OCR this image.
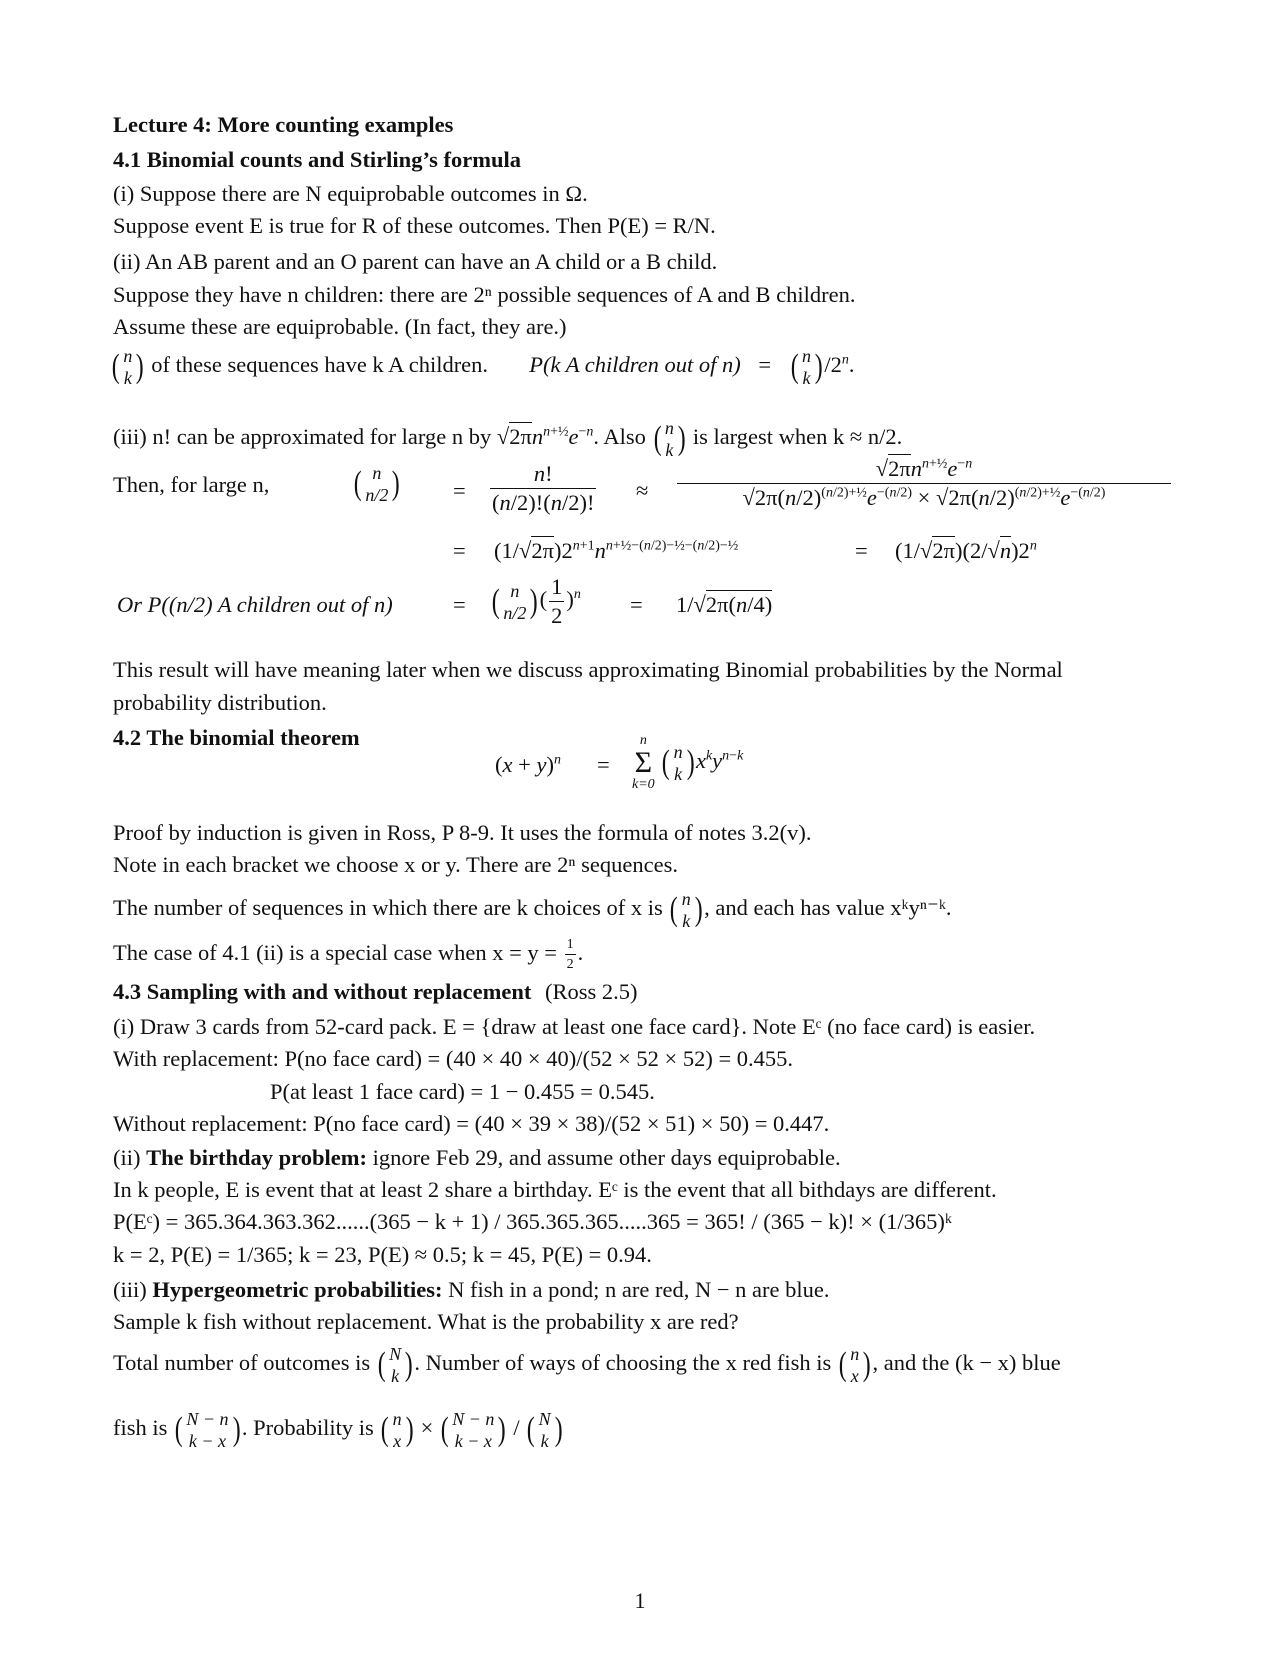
Lecture 4: More counting examples
4.1 Binomial counts and Stirling’s formula
(i) Suppose there are N equiprobable outcomes in Ω.
Suppose event E is true for R of these outcomes. Then P(E) = R/N.
(ii) An AB parent and an O parent can have an A child or a B child.
Suppose they have n children: there are 2ⁿ possible sequences of A and B children.
Assume these are equiprobable. (In fact, they are.)
( n
k ) of these sequences have k A children. P(k A children out of n) = ( n
k ) /2$^n$.
(iii) n! can be approximated for large n by $√2\pi n^{n+\frac{1}{2}}e^{-n}$. Also ( n
k ) is largest when k ≈ n/2.
Then, for large n, ( n
n/2 ) = $\frac{n!}{(n/2)!(n/2)!} \approx \frac{√2\pi n^{n+\frac{1}{2}}e^{-n}}{√2\pi(n/2)^{(n/2)+\frac{1}{2}}e^{-(n/2)} \times √2\pi(n/2)^{(n/2)+\frac{1}{2}}e^{-(n/2)}}$
= $(1/√2\pi)2^{n+1}n^{n+\frac{1}{2}-(n/2)-\frac{1}{2}-(n/2)-\frac{1}{2}}$	= $(1/√2\pi)(2/√n)2^n$
Or P((n/2) A children out of n)	= ( n
n/2 ) ( $\frac{1}{2} )^n = 1/√2\pi(n/4)$
This result will have meaning later when we discuss approximating Binomial probabilities by the Normal
probability distribution.
4.2 The binomial theorem
$(x + y)^n$ =
n
Σ
k=0

( n
k ) $x^ky^{n-k}$
Proof by induction is given in Ross, P 8-9. It uses the formula of notes 3.2(v).
Note in each bracket we choose x or y. There are 2ⁿ sequences.
The number of sequences in which there are k choices of x is ( n
k ) , and each has value xᵏyⁿ⁻ᵏ.
The case of 4.1 (ii) is a special case when $x = y = \frac{1}{2}$ .
4.3 Sampling with and without replacement (Ross 2.5)
(i) Draw 3 cards from 52-card pack. E = {draw at least one face card}. Note Eᶜ (no face card) is easier.
With replacement: P(no face card) = (40 × 40 × 40)/(52 × 52 × 52) = 0.455.
P(at least 1 face card) = 1 − 0.455 = 0.545.
Without replacement: P(no face card) = (40 × 39 × 38)/(52 × 51) × 50) = 0.447.
(ii) The birthday problem: ignore Feb 29, and assume other days equiprobable.
In k people, E is event that at least 2 share a birthday. Eᶜ is the event that all bithdays are different.
P(Eᶜ) = 365.364.363.362......(365 − k + 1) / 365.365.365.....365 = 365! / (365 − k)! × (1/365)ᵏ
k = 2, P(E) = 1/365; k = 23, P(E) ≈ 0.5; k = 45, P(E) = 0.94.
(iii) Hypergeometric probabilities: N fish in a pond; n are red, N − n are blue.
Sample k fish without replacement. What is the probability x are red?
Total number of outcomes is ( N
k ) . Number of ways of choosing the x red fish is ( n
x ) , and the (k − x) blue
fish is ( N − n
k − x ) . Probability is ( n
x ) × ( N − n
k − x ) / ( N
k )
1
